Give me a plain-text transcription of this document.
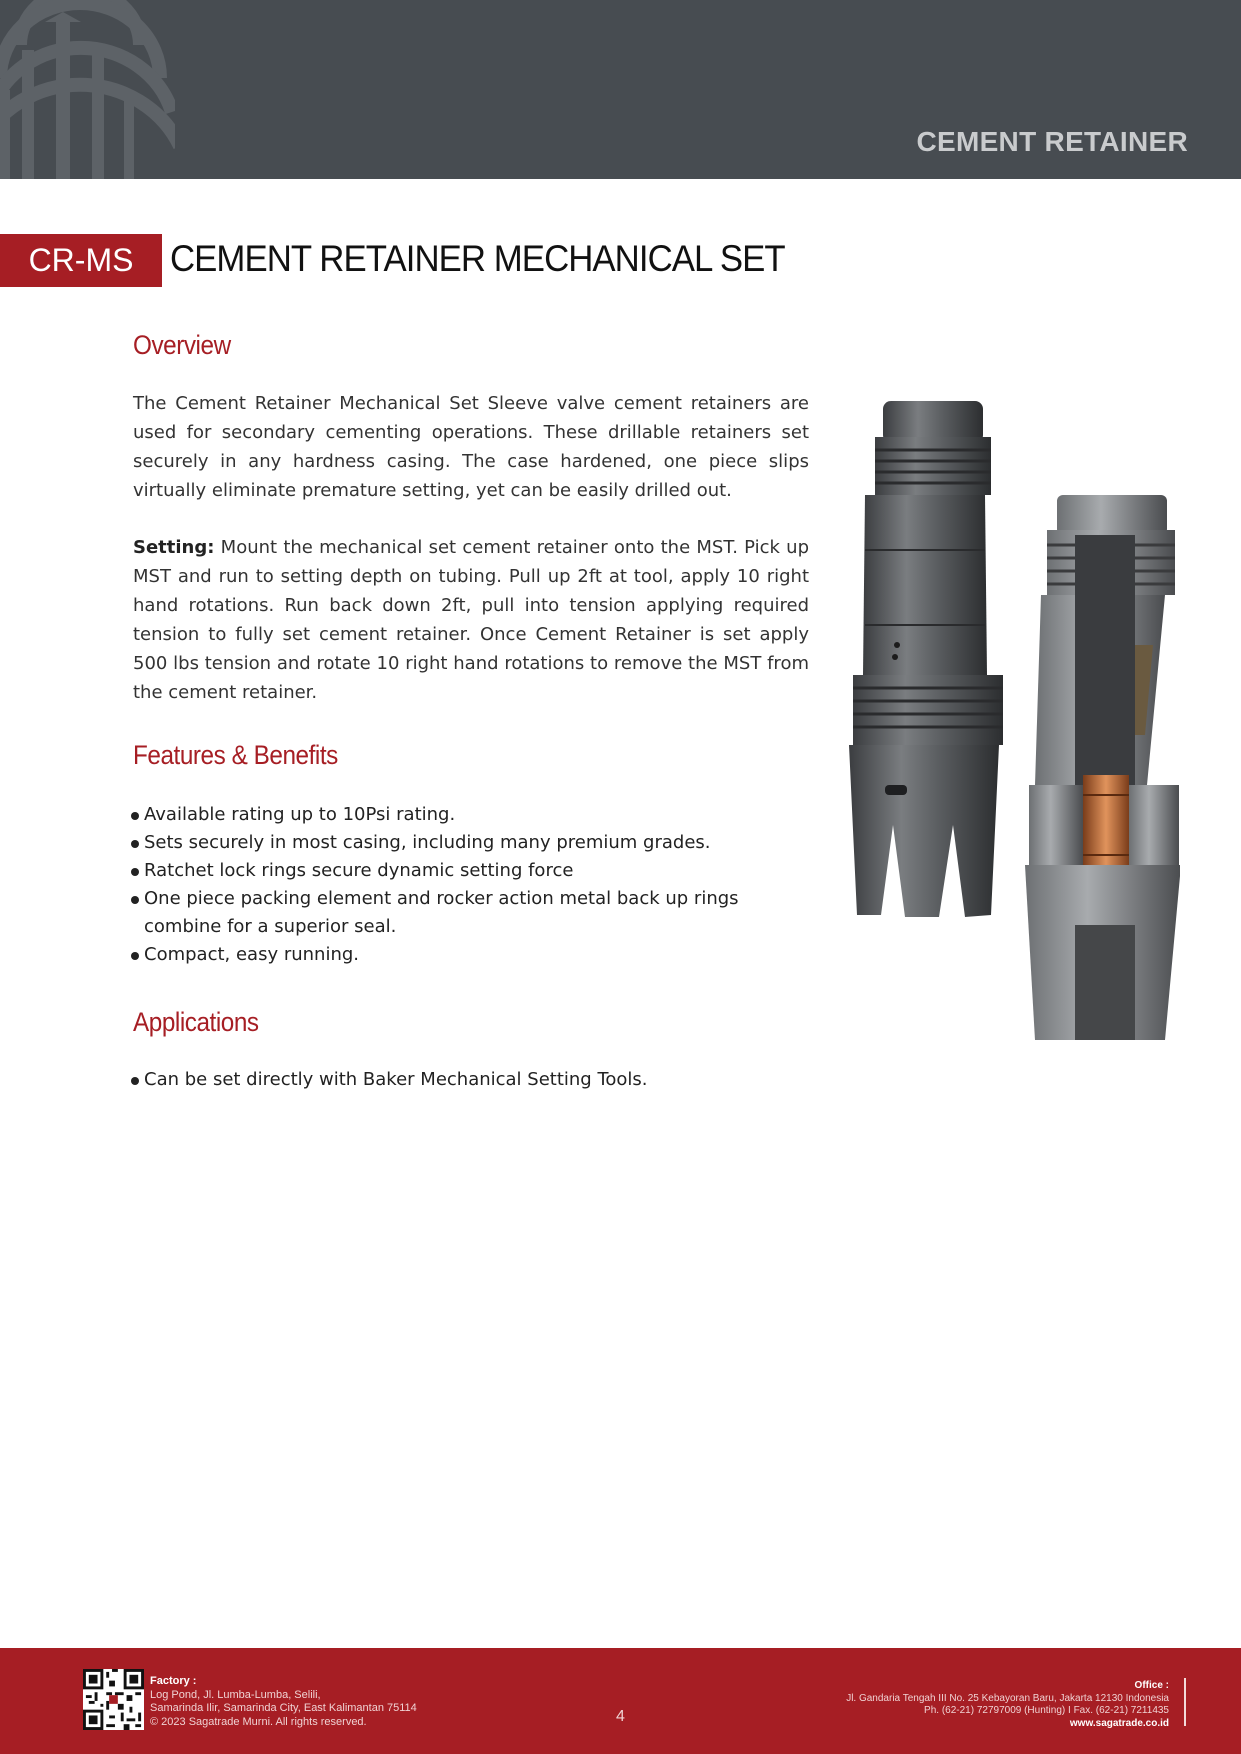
CEMENT RETAINER
CR-MS CEMENT RETAINER MECHANICAL SET
Overview
The Cement Retainer Mechanical Set Sleeve valve cement retainers are used for secondary cementing operations. These drillable retainers set securely in any hardness casing. The case hardened, one piece slips virtually eliminate premature setting, yet can be easily drilled out.
Setting: Mount the mechanical set cement retainer onto the MST. Pick up MST and run to setting depth on tubing. Pull up 2ft at tool, apply 10 right hand rotations. Run back down 2ft, pull into tension applying required tension to fully set cement retainer. Once Cement Retainer is set apply 500 lbs tension and rotate 10 right hand rotations to remove the MST from the cement retainer.
Features & Benefits
Available rating up to 10Psi rating.
Sets securely in most casing, including many premium grades.
Ratchet lock rings secure dynamic setting force
One piece packing element and rocker action metal back up rings combine for a superior seal.
Compact, easy running.
Applications
Can be set directly with Baker Mechanical Setting Tools.
Factory :
Log Pond, Jl. Lumba-Lumba, Selili,
Samarinda Ilir, Samarinda City, East Kalimantan 75114
© 2023 Sagatrade Murni. All rights reserved.	4
Office :
Jl. Gandaria Tengah III No. 25 Kebayoran Baru, Jakarta 12130 Indonesia
Ph. (62-21) 72797009 (Hunting) I Fax. (62-21) 7211435
www.sagatrade.co.id
